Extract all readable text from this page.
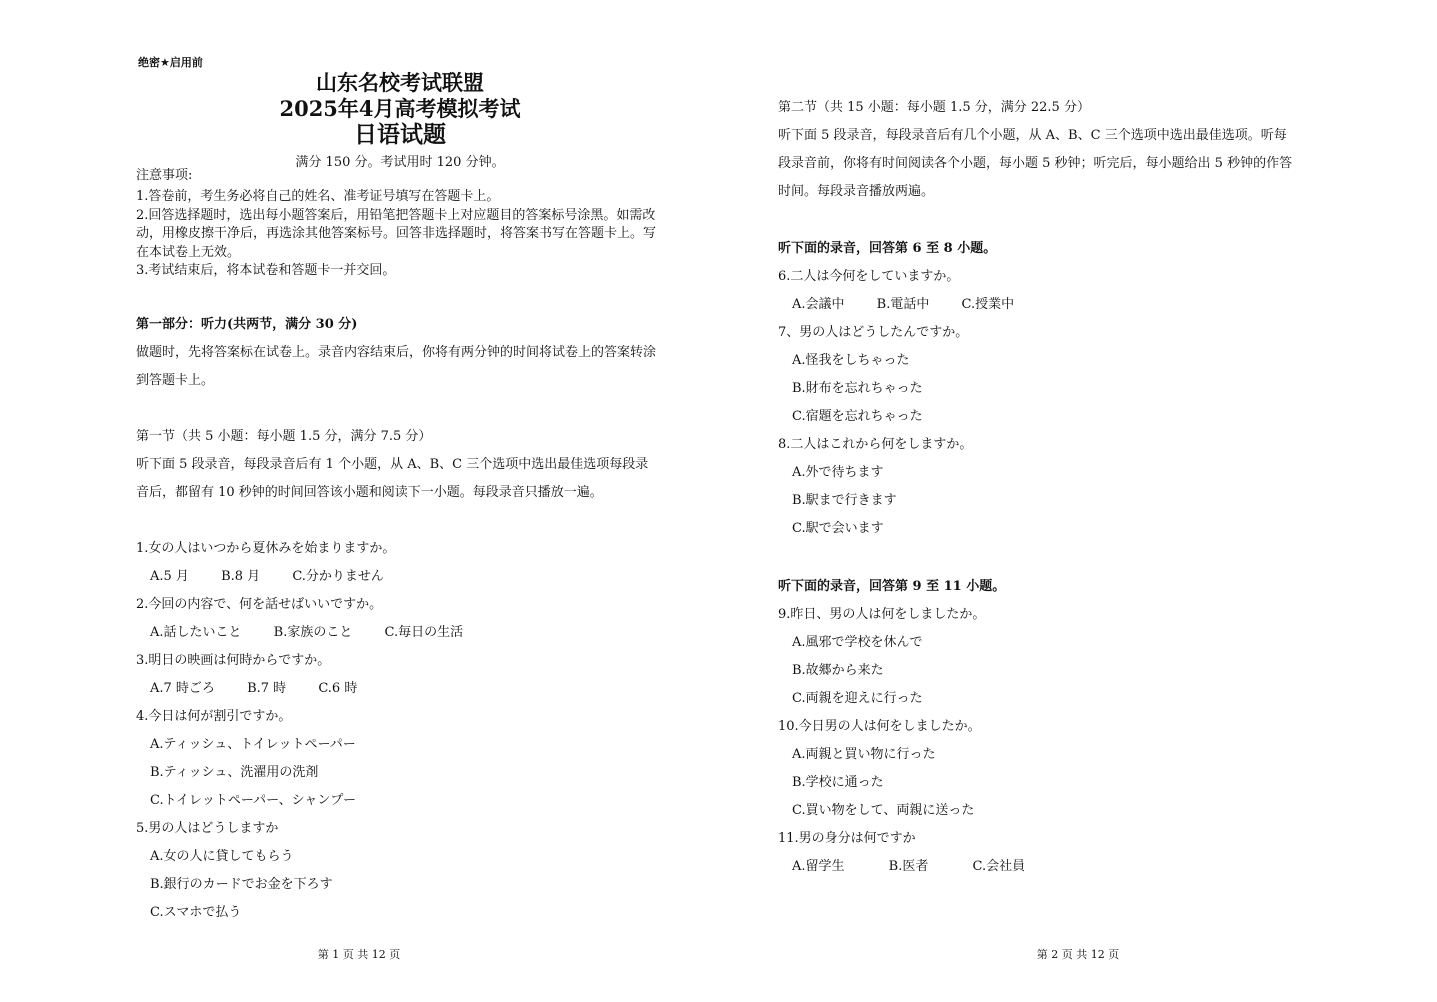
绝密★启用前
山东名校考试联盟
2025年4月高考模拟考试
日语试题
满分 150 分。考试用时 120 分钟。
注意事项:
1.答卷前，考生务必将自己的姓名、准考证号填写在答题卡上。
2.回答选择题时，选出每小题答案后，用铅笔把答题卡上对应题目的答案标号涂黑。如需改动，用橡皮擦干净后，再选涂其他答案标号。回答非选择题时，将答案书写在答题卡上。写在本试卷上无效。
3.考试结束后，将本试卷和答题卡一并交回。
第一部分：听力(共两节，满分 30 分)
做题时，先将答案标在试卷上。录音内容结束后，你将有两分钟的时间将试卷上的答案转涂到答题卡上。
第一节（共 5 小题：每小题 1.5 分，满分 7.5 分）
听下面 5 段录音，每段录音后有 1 个小题，从 A、B、C 三个选项中选出最佳选项每段录音后，都留有 10 秒钟的时间回答该小题和阅读下一小题。每段录音只播放一遍。
1.女の人はいつから夏休みを始まりますか。
A.5 月 B.8 月 C.分かりません
2.今回の内容で、何を話せばいいですか。
A.話したいこと B.家族のこと C.毎日の生活
3.明日の映画は何時からですか。
A.7 時ごろ B.7 時 C.6 時
4.今日は何が割引ですか。
A.ティッシュ、トイレットペーパー
B.ティッシュ、洗濯用の洗剤
C.トイレットペーパー、シャンプー
5.男の人はどうしますか
A.女の人に貸してもらう
B.銀行のカードでお金を下ろす
C.スマホで払う
第 1 页 共 12 页
第二节（共 15 小题：每小题 1.5 分，满分 22.5 分）
听下面 5 段录音，每段录音后有几个小题，从 A、B、C 三个选项中选出最佳选项。听每段录音前，你将有时间阅读各个小题，每小题 5 秒钟；听完后，每小题给出 5 秒钟的作答时间。每段录音播放两遍。
听下面的录音，回答第 6 至 8 小题。
6.二人は今何をしていますか。
A.会議中 B.電話中 C.授業中
7、男の人はどうしたんですか。
A.怪我をしちゃった
B.財布を忘れちゃった
C.宿題を忘れちゃった
8.二人はこれから何をしますか。
A.外で待ちます
B.駅まで行きます
C.駅で会います
听下面的录音，回答第 9 至 11 小题。
9.昨日、男の人は何をしましたか。
A.風邪で学校を休んで
B.故郷から来た
C.両親を迎えに行った
10.今日男の人は何をしましたか。
A.両親と買い物に行った
B.学校に通った
C.買い物をして、両親に送った
11.男の身分は何ですか
A.留学生	B.医者	C.会社員
第 2 页 共 12 页
